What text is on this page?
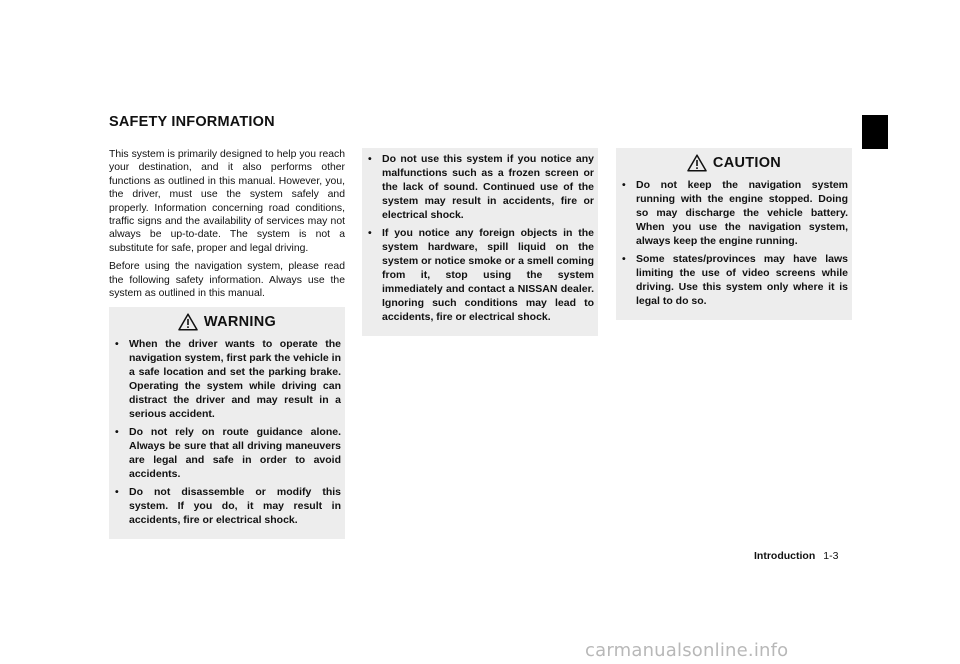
SAFETY INFORMATION

This system is primarily designed to help you reach your destination, and it also performs other functions as outlined in this manual. However, you, the driver, must use the system safely and properly. Information concerning road conditions, traffic signs and the availability of services may not always be up-to-date. The system is not a substitute for safe, proper and legal driving.

Before using the navigation system, please read the following safety information. Always use the system as outlined in this manual.

WARNING
• When the driver wants to operate the navigation system, first park the vehicle in a safe location and set the parking brake. Operating the system while driving can distract the driver and may result in a serious accident.
• Do not rely on route guidance alone. Always be sure that all driving maneuvers are legal and safe in order to avoid accidents.
• Do not disassemble or modify this system. If you do, it may result in accidents, fire or electrical shock.
• Do not use this system if you notice any malfunctions such as a frozen screen or the lack of sound. Continued use of the system may result in accidents, fire or electrical shock.
• If you notice any foreign objects in the system hardware, spill liquid on the system or notice smoke or a smell coming from it, stop using the system immediately and contact a NISSAN dealer. Ignoring such conditions may lead to accidents, fire or electrical shock.
CAUTION
• Do not keep the navigation system running with the engine stopped. Doing so may discharge the vehicle battery. When you use the navigation system, always keep the engine running.
• Some states/provinces may have laws limiting the use of video screens while driving. Use this system only where it is legal to do so.
Introduction 1-3
carmanualsonline.info
